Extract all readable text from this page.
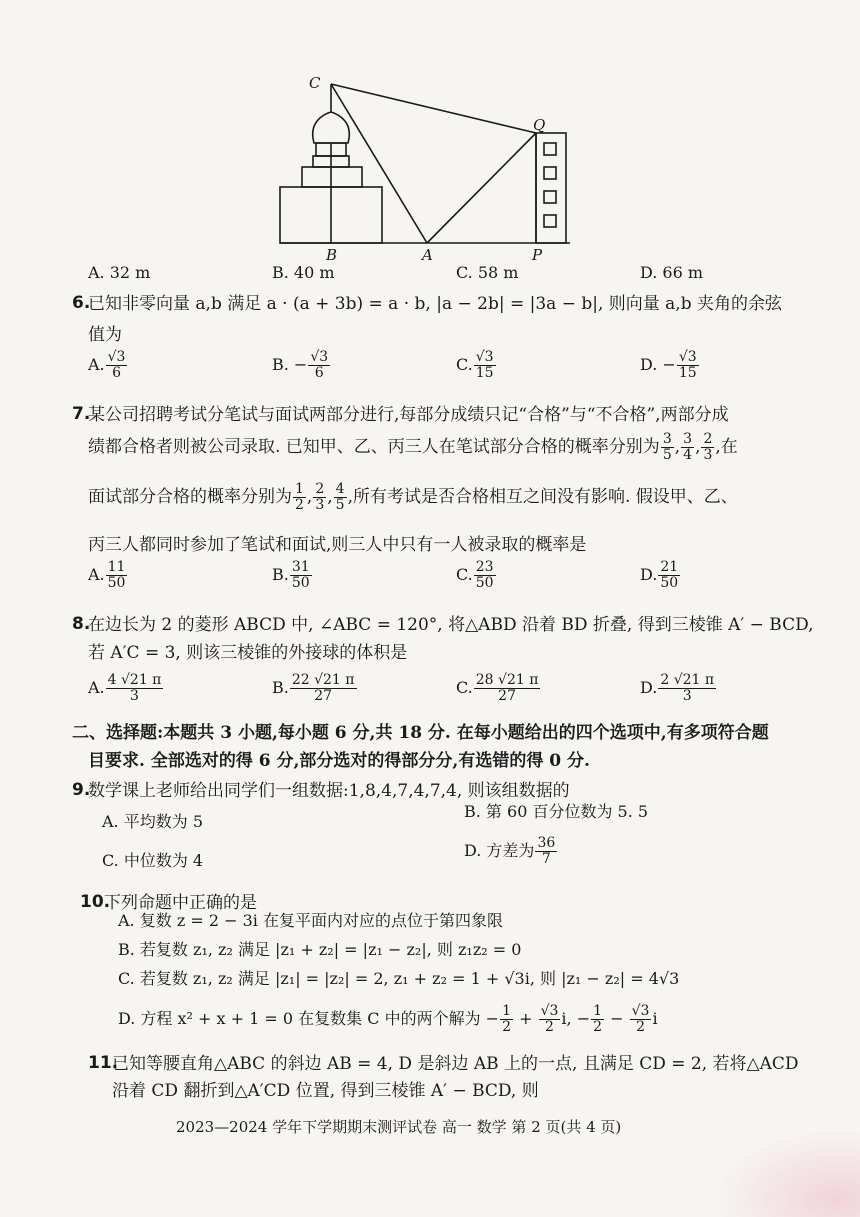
C
Q
B	A	P
A. 32 m	B. 40 m	C. 58 m	D. 66 m
6.
已知非零向量 a,b 满足 a · (a + 3b) = a · b, |a − 2b| = |3a − b|, 则向量 a,b 夹角的余弦
值为
A. $\frac{√3}{6}$	B. − $\frac{√3}{6}$	C. $\frac{√3}{15}$	D. − $\frac{√3}{15}$
7.
某公司招聘考试分笔试与面试两部分进行,每部分成绩只记“合格”与“不合格”,两部分成
绩都合格者则被公司录取. 已知甲、乙、丙三人在笔试部分合格的概率分别为 $\frac{3}{5}$ , $\frac{3}{4}$ , $\frac{2}{3}$ ,在
面试部分合格的概率分别为 $\frac{1}{2}$ , $\frac{2}{3}$ , $\frac{4}{5}$ ,所有考试是否合格相互之间没有影响. 假设甲、乙、
丙三人都同时参加了笔试和面试,则三人中只有一人被录取的概率是
A. $\frac{11}{50}$	B. $\frac{31}{50}$	C. $\frac{23}{50}$	D. $\frac{21}{50}$
8.
在边长为 2 的菱形 ABCD 中, ∠ABC = 120°, 将△ABD 沿着 BD 折叠, 得到三棱锥 A′ − BCD,
若 A′C = 3, 则该三棱锥的外接球的体积是
A. $\frac{4 √21 \pi}{3}$	B. $\frac{22 √21 \pi}{27}$	C. $\frac{28 √21 \pi}{27}$	D. $\frac{2 √21 \pi}{3}$
二、选择题:本题共 3 小题,每小题 6 分,共 18 分. 在每小题给出的四个选项中,有多项符合题
目要求. 全部选对的得 6 分,部分选对的得部分分,有选错的得 0 分.
9.
数学课上老师给出同学们一组数据:1,8,4,7,4,7,4, 则该组数据的
A. 平均数为 5
B. 第 60 百分位数为 5. 5
C. 中位数为 4
D. 方差为 $\frac{36}{7}$
10.
下列命题中正确的是
A. 复数 z = 2 − 3i 在复平面内对应的点位于第四象限
B. 若复数 z₁, z₂ 满足 |z₁ + z₂| = |z₁ − z₂|, 则 z₁z₂ = 0
C. 若复数 z₁, z₂ 满足 |z₁| = |z₂| = 2, z₁ + z₂ = 1 + √3i, 则 |z₁ − z₂| = 4√3
D. 方程 x² + x + 1 = 0 在复数集 C 中的两个解为 − $\frac{1}{2} + \frac{√3}{2} i$, − $\frac{1}{2} - \frac{√3}{2}$ i
11.
已知等腰直角△ABC 的斜边 AB = 4, D 是斜边 AB 上的一点, 且满足 CD = 2, 若将△ACD
沿着 CD 翻折到△A′CD 位置, 得到三棱锥 A′ − BCD, 则
2023—2024 学年下学期期末测评试卷 高一 数学 第 2 页(共 4 页)
